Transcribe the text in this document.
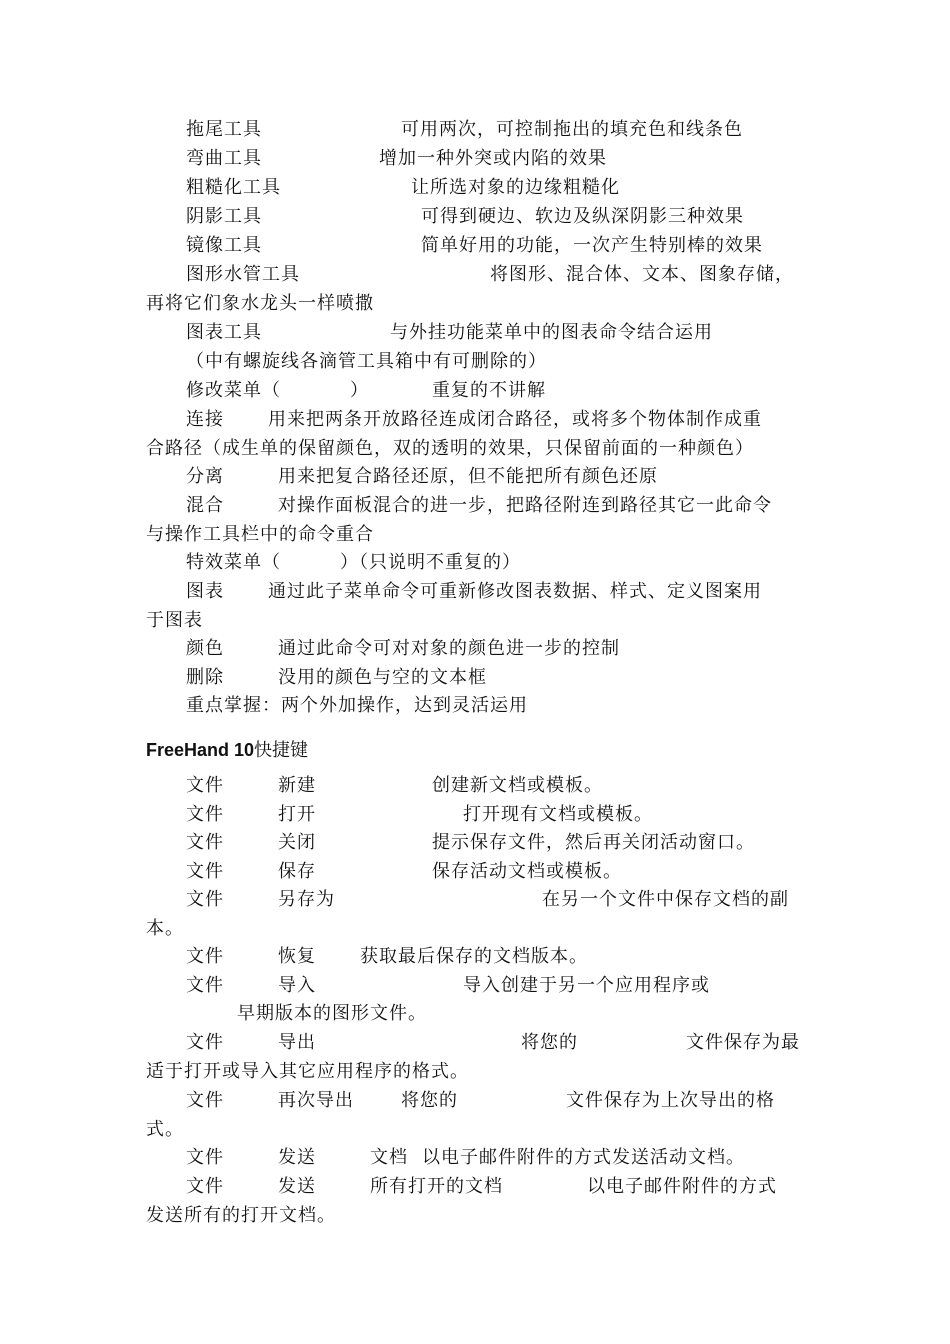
拖尾工具	可用两次，可控制拖出的填充色和线条色
弯曲工具	增加一种外突或内陷的效果
粗糙化工具	让所选对象的边缘粗糙化
阴影工具	可得到硬边、软边及纵深阴影三种效果
镜像工具	简单好用的功能，一次产生特别棒的效果
图形水管工具	将图形、混合体、文本、图象存储，
再将它们象水龙头一样喷撒
图表工具	与外挂功能菜单中的图表命令结合运用
（中有螺旋线各滴管工具箱中有可删除的）
修改菜单（	）	重复的不讲解
连接 用来把两条开放路径连成闭合路径，或将多个物体制作成重
合路径（成生单的保留颜色，双的透明的效果，只保留前面的一种颜色）
分离	用来把复合路径还原，但不能把所有颜色还原
混合	对操作面板混合的进一步，把路径附连到路径其它一此命令
与操作工具栏中的命令重合
特效菜单（	）（只说明不重复的）
图表 通过此子菜单命令可重新修改图表数据、样式、定义图案用
于图表
颜色	通过此命令可对对象的颜色进一步的控制
删除	没用的颜色与空的文本框
重点掌握：两个外加操作，达到灵活运用
FreeHand 10快捷键
文件	新建	创建新文档或模板。
文件	打开	打开现有文档或模板。
文件	关闭	提示保存文件，然后再关闭活动窗口。
文件	保存	保存活动文档或模板。
文件	另存为	在另一个文件中保存文档的副
本。
文件	恢复 获取最后保存的文档版本。
文件	导入	导入创建于另一个应用程序或
早期版本的图形文件。
文件	导出	将您的	文件保存为最
适于打开或导入其它应用程序的格式。
文件	再次导出	将您的	文件保存为上次导出的格
式。
文件	发送	文档 以电子邮件附件的方式发送活动文档。
文件	发送	所有打开的文档	以电子邮件附件的方式
发送所有的打开文档。
